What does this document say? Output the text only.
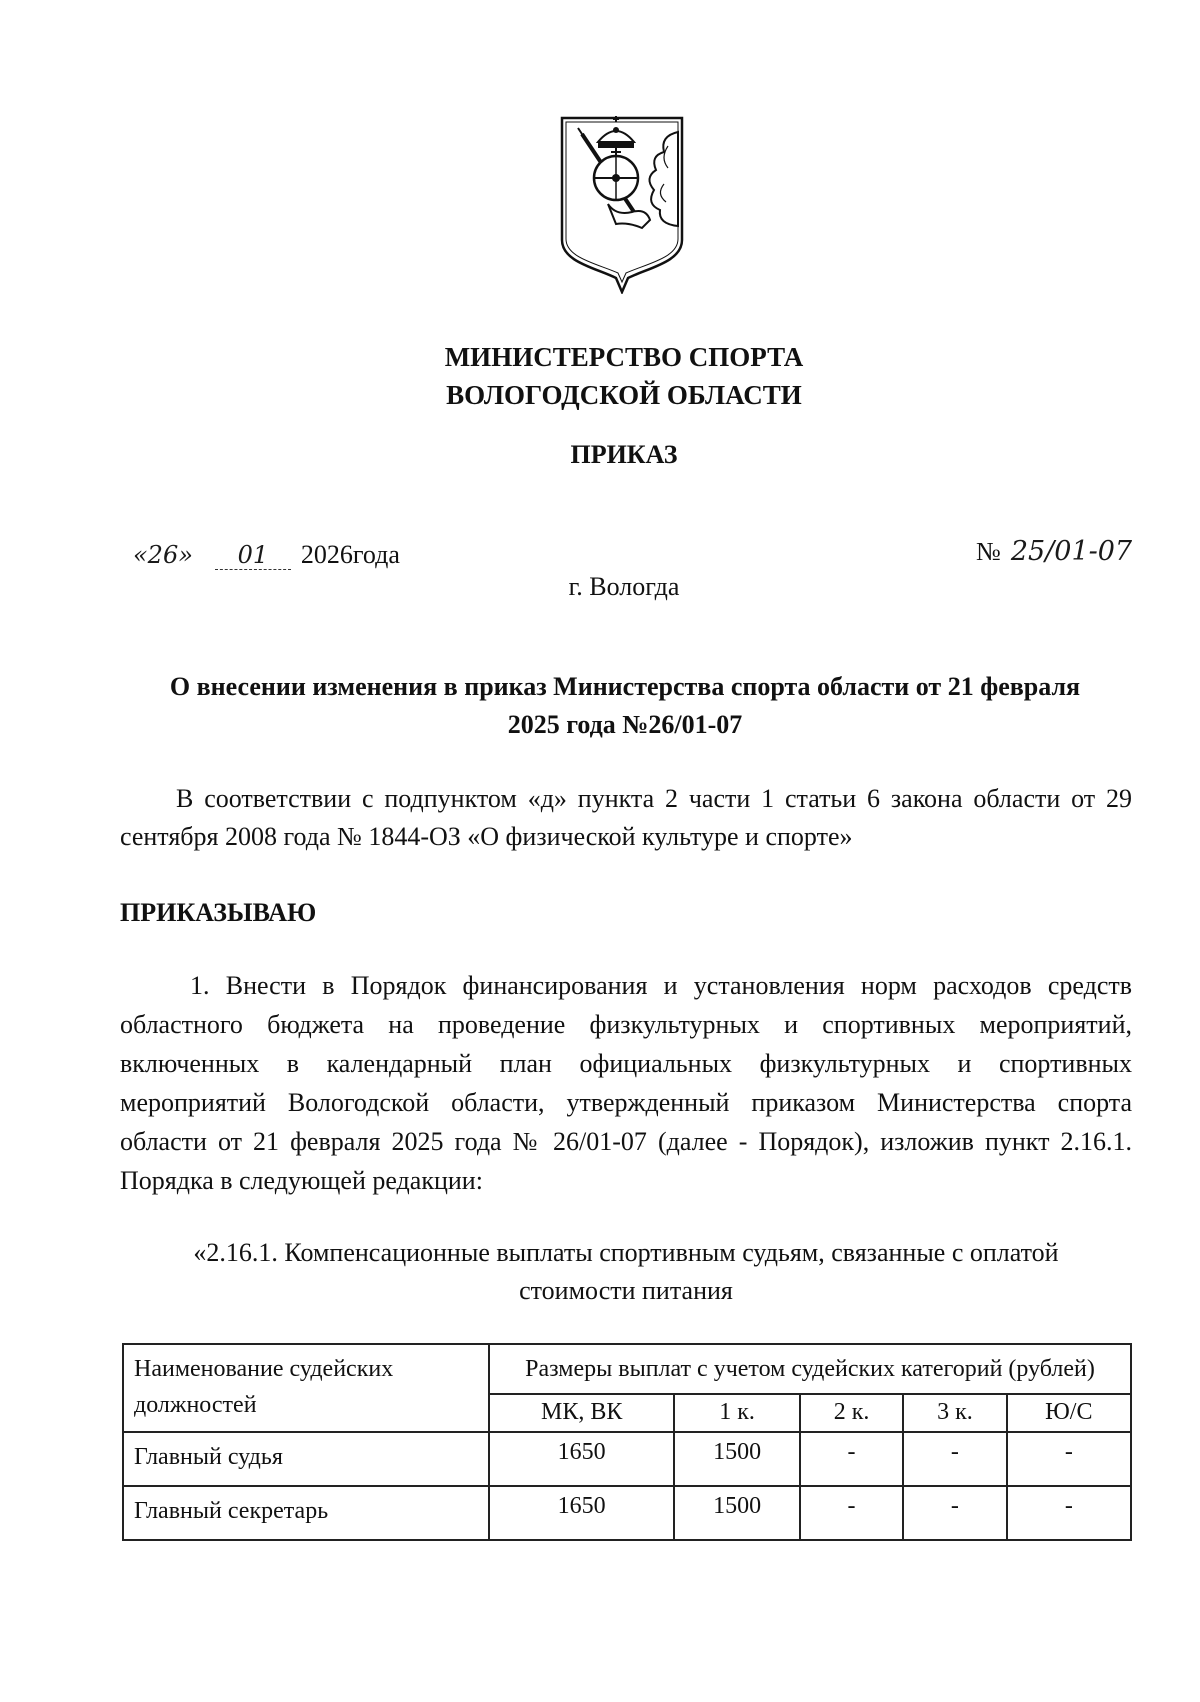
МИНИСТЕРСТВО СПОРТА
ВОЛОГОДСКОЙ ОБЛАСТИ
ПРИКАЗ
«26» 01 2026года	№ 25/01-07
г. Вологда
О внесении изменения в приказ Министерства спорта области от 21 февраля
2025 года №26/01-07
В соответствии с подпунктом «д» пункта 2 части 1 статьи 6 закона области от 29 сентября 2008 года № 1844-ОЗ «О физической культуре и спорте»
ПРИКАЗЫВАЮ
1. Внести в Порядок финансирования и установления норм расходов средств областного бюджета на проведение физкультурных и спортивных мероприятий, включенных в календарный план официальных физкультурных и спортивных мероприятий Вологодской области, утвержденный приказом Министерства спорта области от 21 февраля 2025 года № 26/01-07 (далее - Порядок), изложив пункт 2.16.1. Порядка в следующей редакции:
«2.16.1. Компенсационные выплаты спортивным судьям, связанные с оплатой
стоимости питания
Наименование судейских должностей	Размеры выплат с учетом судейских категорий (рублей)				
	МК, ВК	1 к.	2 к.	3 к.	Ю/С
Главный судья	1650	1500	-	-	-
Главный секретарь	1650	1500	-	-	-
